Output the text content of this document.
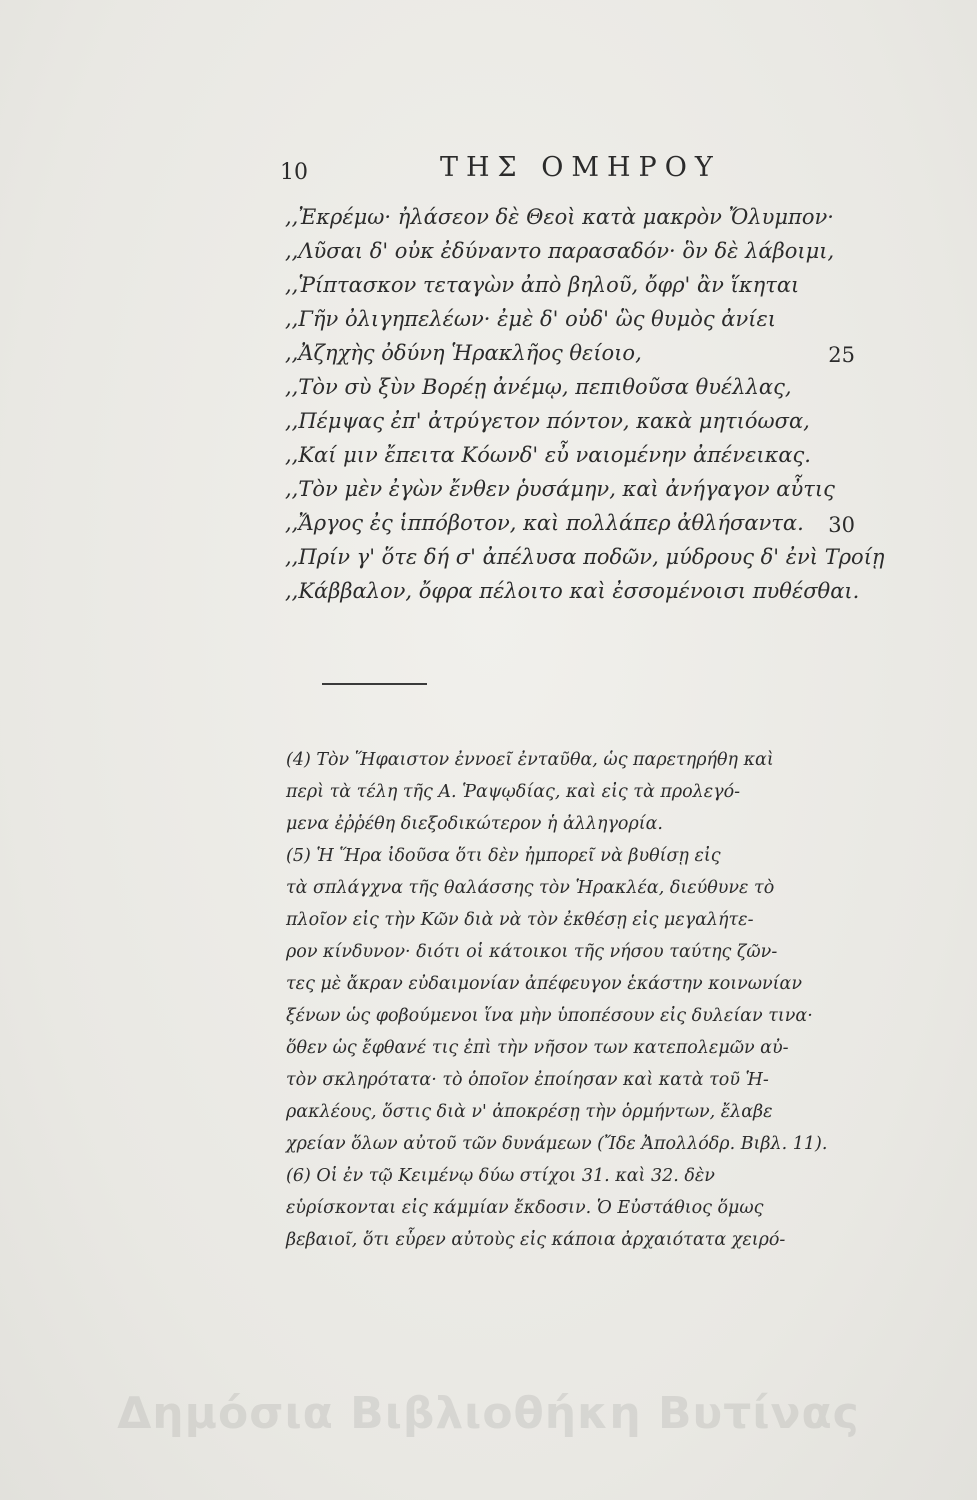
10	ΤΗΣ ΟΜΗΡΟΥ
,,Ἐκρέμω· ἠλάσεον δὲ Θεοὶ κατὰ μακρὸν Ὄλυμπον·
,,Λῦσαι δ' οὐκ ἐδύναντο παρασαδόν· ὃν δὲ λάβοιμι,
,,Ῥίπτασκον τεταγὼν ἀπὸ βηλοῦ, ὄφρ' ἂν ἵκηται
,,Γῆν ὀλιγηπελέων· ἐμὲ δ' οὐδ' ὣς θυμὸς ἀνίει
,,Ἀζηχὴς ὀδύνη Ἡρακλῆος θείοιο,	25
,,Τὸν σὺ ξὺν Βορέῃ ἀνέμῳ, πεπιθοῦσα θυέλλας,
,,Πέμψας ἐπ' ἀτρύγετον πόντον, κακὰ μητιόωσα,
,,Καί μιν ἔπειτα Κόωνδ' εὖ ναιομένην ἀπένεικας.
,,Τὸν μὲν ἐγὼν ἔνθεν ῥυσάμην, καὶ ἀνήγαγον αὖτις
,,Ἄργος ἐς ἱππόβοτον, καὶ πολλάπερ ἀθλήσαντα. 30
,,Πρίν γ' ὅτε δή σ' ἀπέλυσα ποδῶν, μύδρους δ' ἐνὶ Τροίῃ
,,Κάββαλον, ὄφρα πέλοιτο καὶ ἐσσομένοισι πυθέσθαι.
(4) Τὸν Ἥφαιστον ἐννοεῖ ἐνταῦθα, ὡς παρετηρήθη καὶ
περὶ τὰ τέλη τῆς Α. Ῥαψῳδίας, καὶ εἰς τὰ προλεγό-
μενα ἐῤῥέθη διεξοδικώτερον ἡ ἀλληγορία.
(5) Ἡ Ἥρα ἰδοῦσα ὅτι δὲν ἠμπορεῖ νὰ βυθίσῃ εἰς
τὰ σπλάγχνα τῆς θαλάσσης τὸν Ἡρακλέα, διεύθυνε τὸ
πλοῖον εἰς τὴν Κῶν διὰ νὰ τὸν ἐκθέσῃ εἰς μεγαλήτε-
ρον κίνδυνον· διότι οἱ κάτοικοι τῆς νήσου ταύτης ζῶν-
τες μὲ ἄκραν εὐδαιμονίαν ἀπέφευγον ἑκάστην κοινωνίαν
ξένων ὡς φοβούμενοι ἵνα μὴν ὑποπέσουν εἰς δυλείαν τινα·
ὅθεν ὡς ἔφθανέ τις ἐπὶ τὴν νῆσον των κατεπολεμῶν αὐ-
τὸν σκληρότατα· τὸ ὁποῖον ἐποίησαν καὶ κατὰ τοῦ Ἡ-
ρακλέους, ὅστις διὰ ν' ἀποκρέσῃ τὴν ὁρμήντων, ἔλαβε
χρείαν ὅλων αὐτοῦ τῶν δυνάμεων (Ἴδε Ἀπολλόδρ. Βιβλ. 11).
(6) Οἱ ἐν τῷ Κειμένῳ δύω στίχοι 31. καὶ 32. δὲν
εὑρίσκονται εἰς κάμμίαν ἔκδοσιν. Ὁ Εὐστάθιος ὅμως
βεβαιοῖ, ὅτι εὗρεν αὐτοὺς εἰς κάποια ἀρχαιότατα χειρό-
Δημόσια Βιβλιοθήκη Βυτίνας
